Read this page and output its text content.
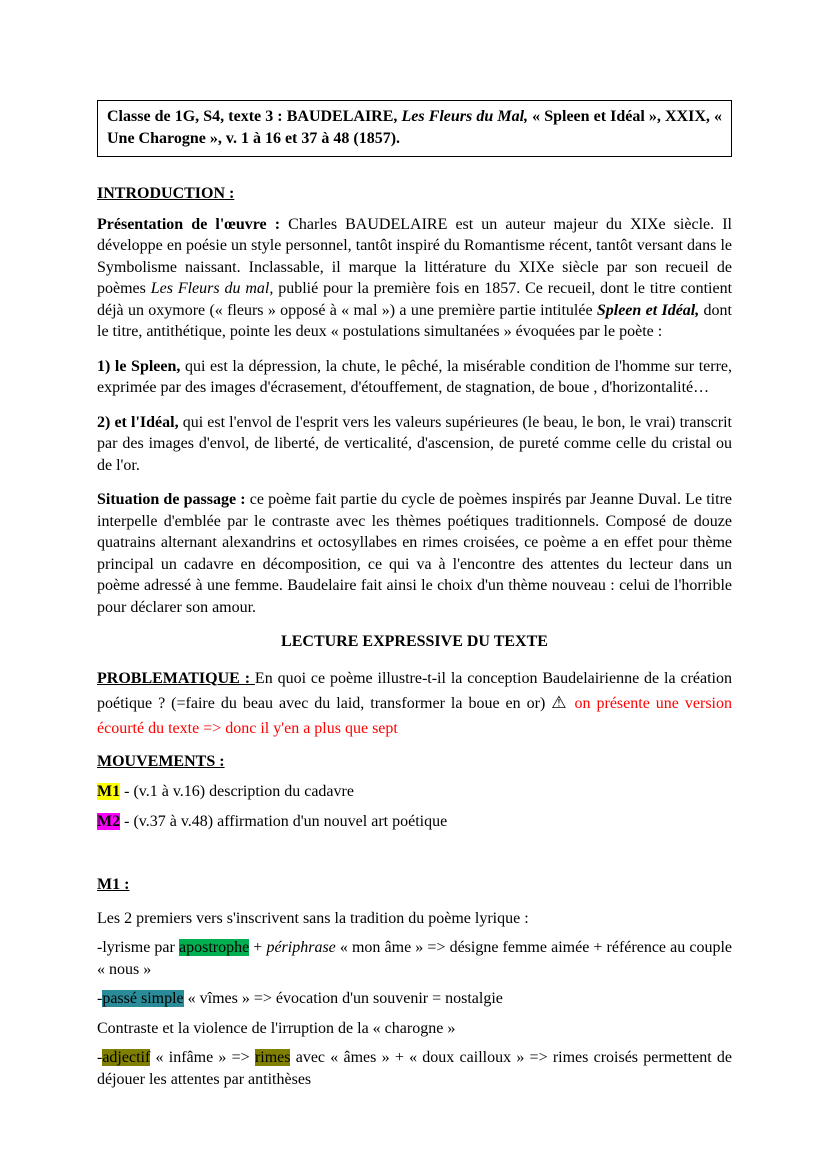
Classe de 1G, S4, texte 3 : BAUDELAIRE, Les Fleurs du Mal, « Spleen et Idéal », XXIX, « Une Charogne », v. 1 à 16 et 37 à 48 (1857).
INTRODUCTION :

Présentation de l'œuvre : Charles BAUDELAIRE est un auteur majeur du XIXe siècle. Il développe en poésie un style personnel, tantôt inspiré du Romantisme récent, tantôt versant dans le Symbolisme naissant. Inclassable, il marque la littérature du XIXe siècle par son recueil de poèmes Les Fleurs du mal, publié pour la première fois en 1857. Ce recueil, dont le titre contient déjà un oxymore (« fleurs » opposé à « mal ») a une première partie intitulée Spleen et Idéal, dont le titre, antithétique, pointe les deux « postulations simultanées » évoquées par le poète :

1) le Spleen, qui est la dépression, la chute, le pêché, la misérable condition de l'homme sur terre, exprimée par des images d'écrasement, d'étouffement, de stagnation, de boue , d'horizontalité…

2) et l'Idéal, qui est l'envol de l'esprit vers les valeurs supérieures (le beau, le bon, le vrai) transcrit par des images d'envol, de liberté, de verticalité, d'ascension, de pureté comme celle du cristal ou de l'or.

Situation de passage : ce poème fait partie du cycle de poèmes inspirés par Jeanne Duval. Le titre interpelle d'emblée par le contraste avec les thèmes poétiques traditionnels. Composé de douze quatrains alternant alexandrins et octosyllabes en rimes croisées, ce poème a en effet pour thème principal un cadavre en décomposition, ce qui va à l'encontre des attentes du lecteur dans un poème adressé à une femme. Baudelaire fait ainsi le choix d'un thème nouveau : celui de l'horrible pour déclarer son amour.

LECTURE EXPRESSIVE DU TEXTE

PROBLEMATIQUE : En quoi ce poème illustre-t-il la conception Baudelairienne de la création poétique ? (=faire du beau avec du laid, transformer la boue en or) ⚠ on présente une version écourté du texte => donc il y'en a plus que sept

MOUVEMENTS :

M1 - (v.1 à v.16) description du cadavre

M2 - (v.37 à v.48) affirmation d'un nouvel art poétique

M1 :

Les 2 premiers vers s'inscrivent sans la tradition du poème lyrique :

-lyrisme par apostrophe + périphrase « mon âme » => désigne femme aimée + référence au couple « nous »

-passé simple « vîmes » => évocation d'un souvenir = nostalgie

Contraste et la violence de l'irruption de la « charogne »

-adjectif « infâme » => rimes avec « âmes » + « doux cailloux » => rimes croisés permettent de déjouer les attentes par antithèses
